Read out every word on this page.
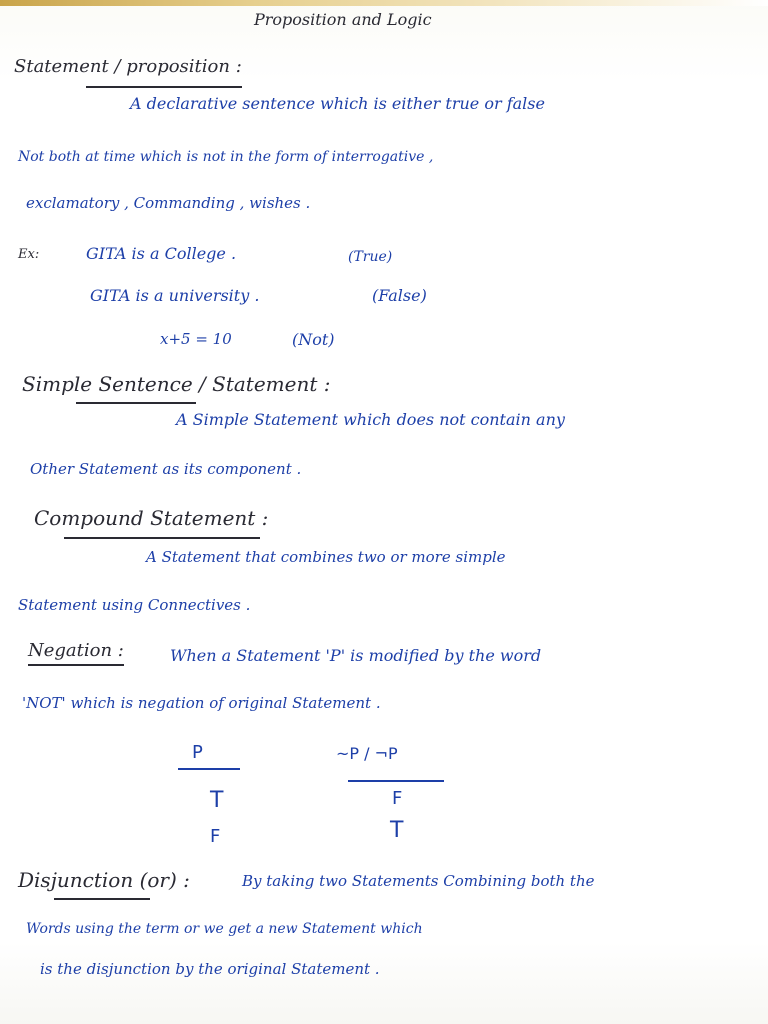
Proposition and Logic
Statement / proposition :
A declarative sentence which is either true or false
Not both at time which is not in the form of interrogative ,
exclamatory , Commanding , wishes .
Ex:	GITA is a College .	(True)
GITA is a university .	(False)
x+5 = 10	(Not)
Simple Sentence / Statement :
A Simple Statement which does not contain any
Other Statement as its component .
Compound Statement :
A Statement that combines two or more simple
Statement using Connectives .
Negation :	When a Statement 'P' is modified by the word
'NOT' which is negation of original Statement .
P	~P / ¬P
T	F
F	T
Disjunction (or) :	By taking two Statements Combining both the
Words using the term or we get a new Statement which
is the disjunction by the original Statement .
